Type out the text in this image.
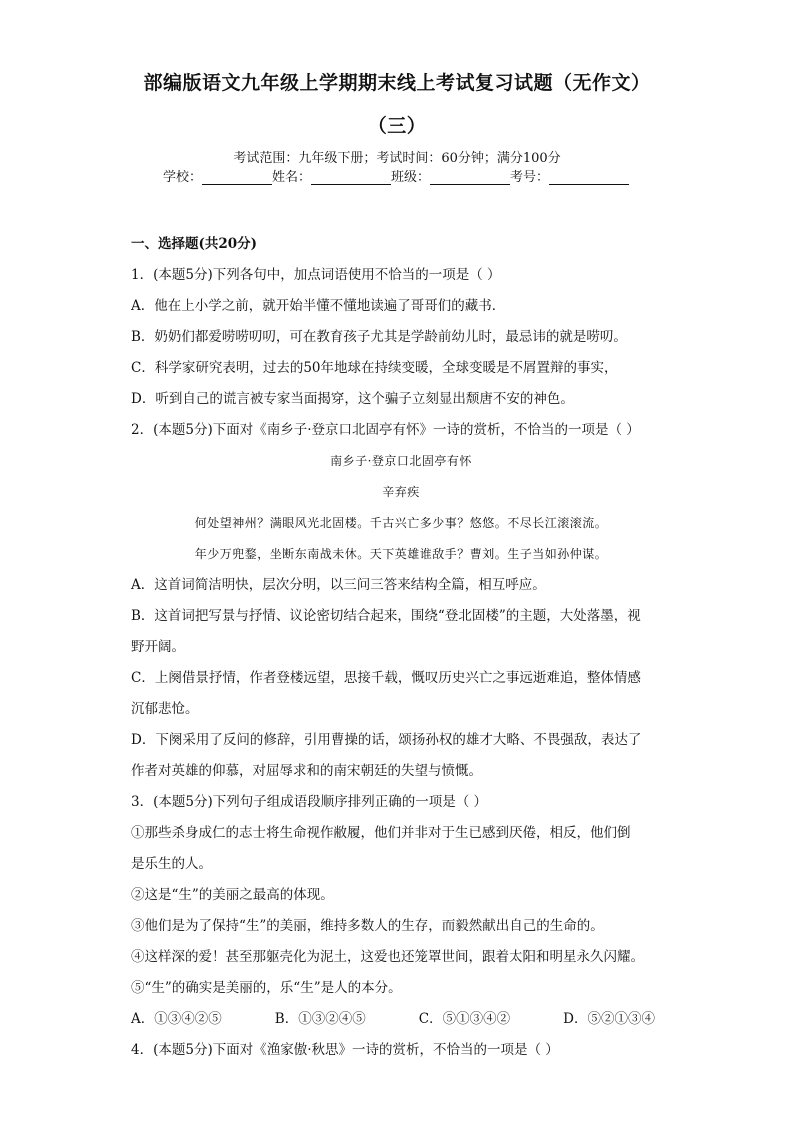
部编版语文九年级上学期期末线上考试复习试题（无作文）
（三）
考试范围：九年级下册；考试时间：60分钟；满分100分
学校：	姓名：	班级：	考号：

一、选择题(共20分)

1．(本题5分)下列各句中，加点词语使用不恰当的一项是（ ）

A．他在上小学之前，就开始半懂不懂地读遍了哥哥们的藏书．

B．奶奶们都爱唠唠叨叨，可在教育孩子尤其是学龄前幼儿时，最忌讳的就是唠叨。

C．科学家研究表明，过去的50年地球在持续变暖，全球变暖是不屑置辩的事实，

D．听到自己的谎言被专家当面揭穿，这个骗子立刻显出颓唐不安的神色。

2．(本题5分)下面对《南乡子·登京口北固亭有怀》一诗的赏析，不恰当的一项是（ ）

南乡子·登京口北固亭有怀

辛弃疾

何处望神州？满眼风光北固楼。千古兴亡多少事？悠悠。不尽长江滚滚流。

年少万兜鍪，坐断东南战未休。天下英雄谁敌手？曹刘。生子当如孙仲谋。

A．这首词简洁明快，层次分明，以三问三答来结构全篇，相互呼应。

B．这首词把写景与抒情、议论密切结合起来，围绕“登北固楼”的主题，大处落墨，视

野开阔。

C．上阕借景抒情，作者登楼远望，思接千载，慨叹历史兴亡之事远逝难追，整体情感

沉郁悲怆。

D．下阕采用了反问的修辞，引用曹操的话，颂扬孙权的雄才大略、不畏强敌，表达了

作者对英雄的仰慕，对屈辱求和的南宋朝廷的失望与愤慨。

3．(本题5分)下列句子组成语段顺序排列正确的一项是（ ）

①那些杀身成仁的志士将生命视作敝履，他们并非对于生已感到厌倦，相反，他们倒

是乐生的人。

②这是“生”的美丽之最高的体现。

③他们是为了保持“生”的美丽，维持多数人的生存，而毅然献出自己的生命的。

④这样深的爱！甚至那躯壳化为泥土，这爱也还笼罩世间，跟着太阳和明星永久闪耀。

⑤“生”的确实是美丽的，乐“生”是人的本分。

A．①③④②⑤	B．①③②④⑤	C．⑤①③④②	D．⑤②①③④

4．(本题5分)下面对《渔家傲·秋思》一诗的赏析，不恰当的一项是（ ）
